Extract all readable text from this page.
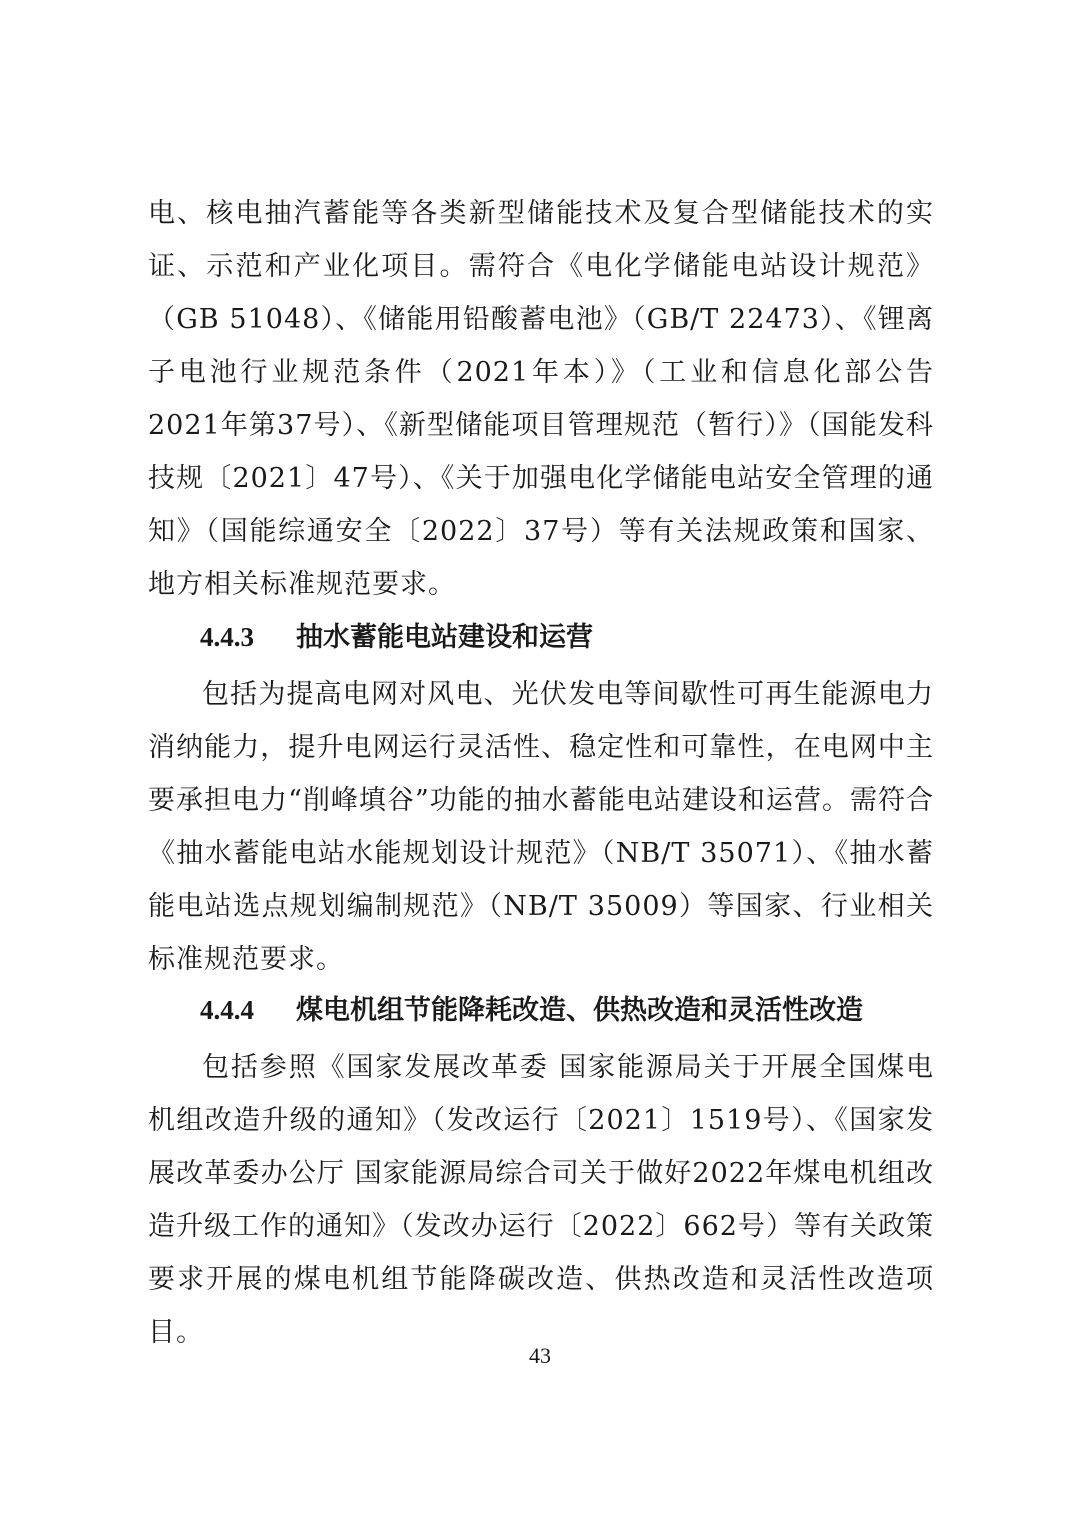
电、核电抽汽蓄能等各类新型储能技术及复合型储能技术的实证、示范和产业化项目。需符合《电化学储能电站设计规范》（GB 51048）、《储能用铅酸蓄电池》（GB/T 22473）、《锂离子电池行业规范条件（2021年本）》（工业和信息化部公告2021年第37号）、《新型储能项目管理规范（暂行）》（国能发科技规〔2021〕47号）、《关于加强电化学储能电站安全管理的通知》（国能综通安全〔2022〕37号）等有关法规政策和国家、地方相关标准规范要求。

4.4.3 抽水蓄能电站建设和运营

包括为提高电网对风电、光伏发电等间歇性可再生能源电力消纳能力，提升电网运行灵活性、稳定性和可靠性，在电网中主要承担电力“削峰填谷”功能的抽水蓄能电站建设和运营。需符合《抽水蓄能电站水能规划设计规范》（NB/T 35071）、《抽水蓄能电站选点规划编制规范》（NB/T 35009）等国家、行业相关标准规范要求。

4.4.4 煤电机组节能降耗改造、供热改造和灵活性改造

包括参照《国家发展改革委 国家能源局关于开展全国煤电机组改造升级的通知》（发改运行〔2021〕1519号）、《国家发展改革委办公厅 国家能源局综合司关于做好2022年煤电机组改造升级工作的通知》（发改办运行〔2022〕662号）等有关政策要求开展的煤电机组节能降碳改造、供热改造和灵活性改造项目。

43
